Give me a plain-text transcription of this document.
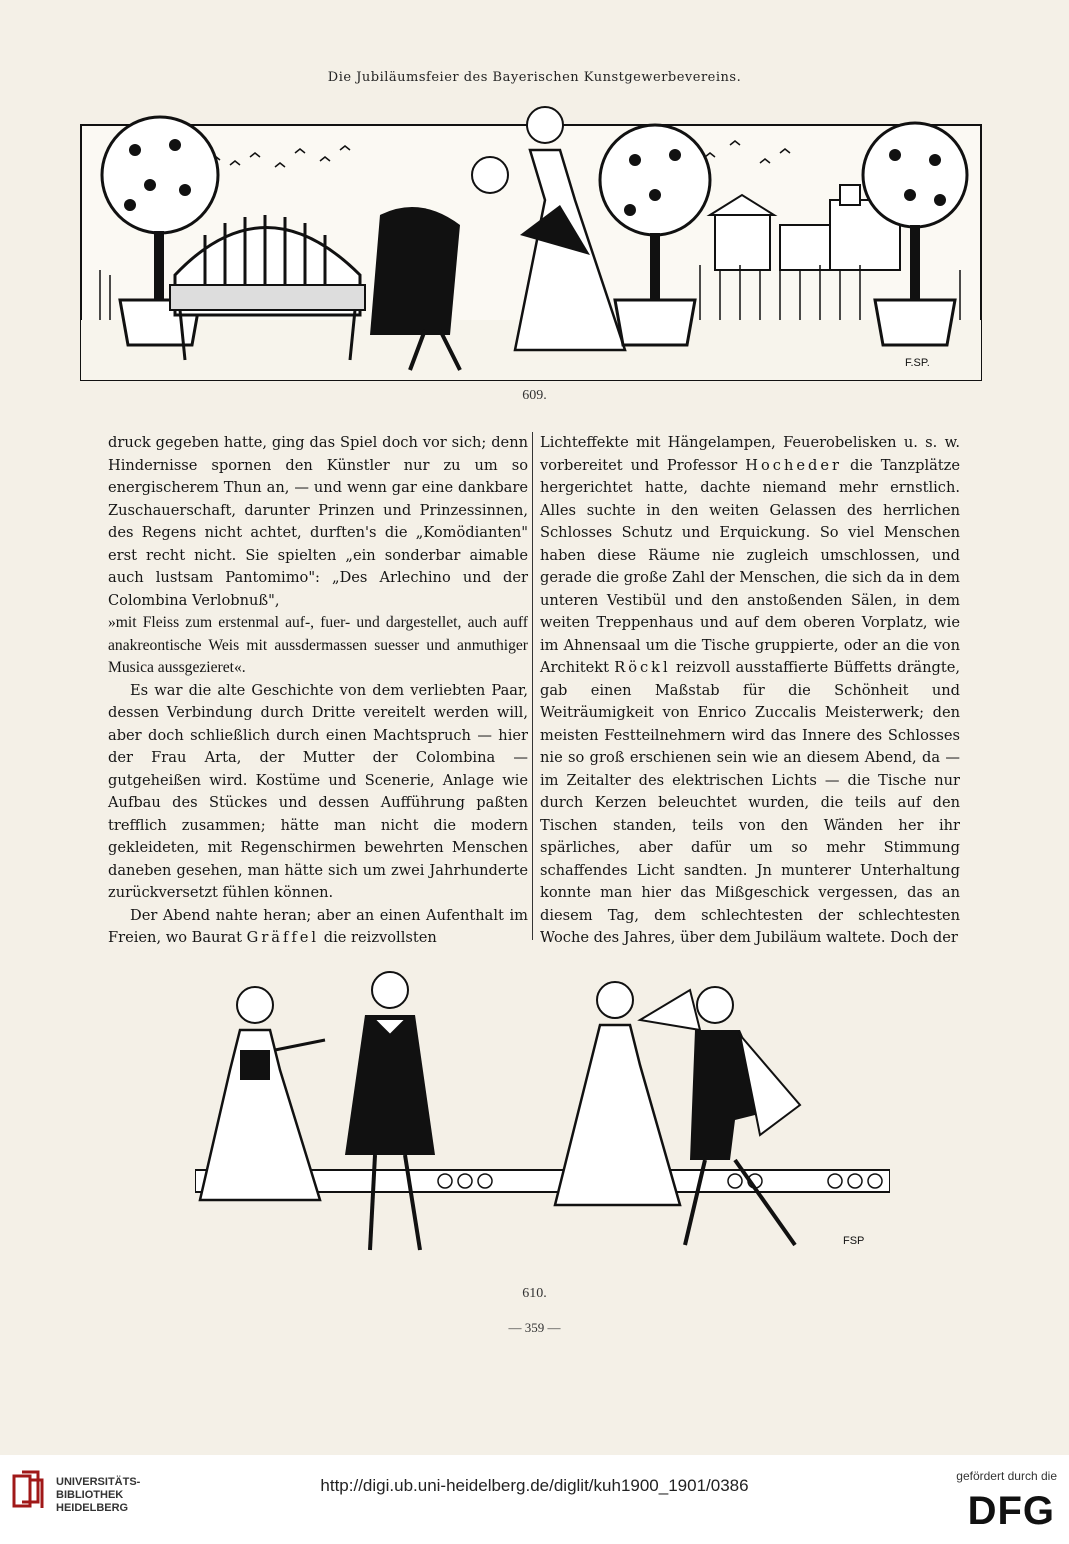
Die Jubiläumsfeier des Bayerischen Kunstgewerbevereins.
F.SP.
609.

druck gegeben hatte, ging das Spiel doch vor sich; denn Hindernisse spornen den Künstler nur zu um so energischerem Thun an, — und wenn gar eine dankbare Zuschauerschaft, darunter Prinzen und Prinzessinnen, des Regens nicht achtet, durften's die „Komödianten" erst recht nicht. Sie spielten „ein sonderbar aimable auch lustsam Pantomimo": „Des Arlechino und der Colombina Verlobnuß",

»mit Fleiss zum erstenmal auf-, fuer- und dargestellet, auch auff anakreontische Weis mit aussdermassen suesser und anmuthiger Musica aussgezieret«.

Es war die alte Geschichte von dem verliebten Paar, dessen Verbindung durch Dritte vereitelt werden will, aber doch schließlich durch einen Machtspruch — hier der Frau Arta, der Mutter der Colombina — gutgeheißen wird. Kostüme und Scenerie, Anlage wie Aufbau des Stückes und dessen Aufführung paßten trefflich zusammen; hätte man nicht die modern gekleideten, mit Regenschirmen bewehrten Menschen daneben gesehen, man hätte sich um zwei Jahrhunderte zurückversetzt fühlen können.

Der Abend nahte heran; aber an einen Aufenthalt im Freien, wo Baurat Gräffel die reizvollsten

Lichteffekte mit Hängelampen, Feuerobelisken u. s. w. vorbereitet und Professor Hocheder die Tanzplätze hergerichtet hatte, dachte niemand mehr ernstlich. Alles suchte in den weiten Gelassen des herrlichen Schlosses Schutz und Erquickung. So viel Menschen haben diese Räume nie zugleich umschlossen, und gerade die große Zahl der Menschen, die sich da in dem unteren Vestibül und den anstoßenden Sälen, in dem weiten Treppenhaus und auf dem oberen Vorplatz, wie im Ahnensaal um die Tische gruppierte, oder an die von Architekt Röckl reizvoll ausstaffierte Büffetts drängte, gab einen Maßstab für die Schönheit und Weiträumigkeit von Enrico Zuccalis Meisterwerk; den meisten Festteilnehmern wird das Innere des Schlosses nie so groß erschienen sein wie an diesem Abend, da — im Zeitalter des elektrischen Lichts — die Tische nur durch Kerzen beleuchtet wurden, die teils auf den Tischen standen, teils von den Wänden her ihr spärliches, aber dafür um so mehr Stimmung schaffendes Licht sandten. Jn munterer Unterhaltung konnte man hier das Mißgeschick vergessen, das an diesem Tag, dem schlechtesten der schlechtesten Woche des Jahres, über dem Jubiläum waltete. Doch der

FSP
610.
— 359 —
UNIVERSITÄTS-
BIBLIOTHEK
HEIDELBERG
http://digi.ub.uni-heidelberg.de/diglit/kuh1900_1901/0386	gefördert durch die
DFG
